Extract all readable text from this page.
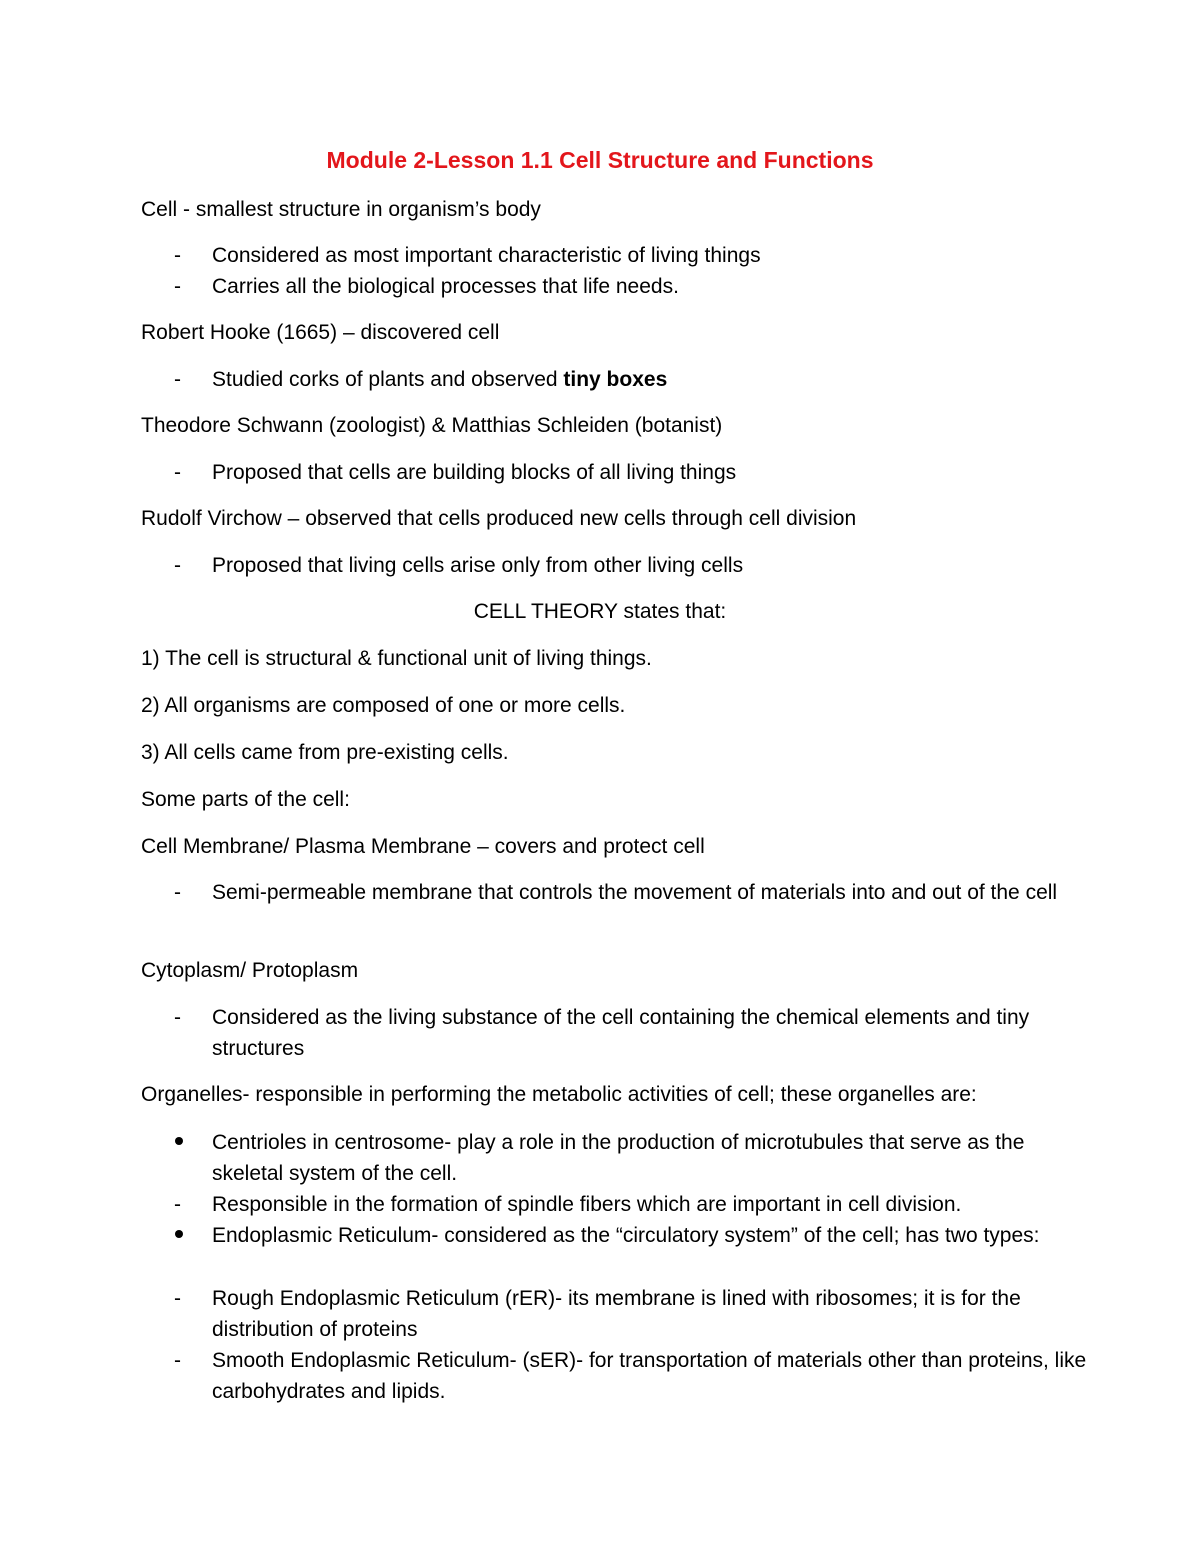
Module 2-Lesson 1.1 Cell Structure and Functions
Cell - smallest structure in organism’s body
- Considered as most important characteristic of living things
- Carries all the biological processes that life needs.
Robert Hooke (1665) – discovered cell
- Studied corks of plants and observed tiny boxes
Theodore Schwann (zoologist) & Matthias Schleiden (botanist)
- Proposed that cells are building blocks of all living things
Rudolf Virchow – observed that cells produced new cells through cell division
- Proposed that living cells arise only from other living cells
CELL THEORY states that:
1) The cell is structural & functional unit of living things.
2) All organisms are composed of one or more cells.
3) All cells came from pre-existing cells.
Some parts of the cell:
Cell Membrane/ Plasma Membrane – covers and protect cell
- Semi-permeable membrane that controls the movement of materials into and out of the cell
Cytoplasm/ Protoplasm
- Considered as the living substance of the cell containing the chemical elements and tiny structures
Organelles- responsible in performing the metabolic activities of cell; these organelles are:
Centrioles in centrosome- play a role in the production of microtubules that serve as the skeletal system of the cell.
- Responsible in the formation of spindle fibers which are important in cell division.
Endoplasmic Reticulum- considered as the “circulatory system” of the cell; has two types:
- Rough Endoplasmic Reticulum (rER)- its membrane is lined with ribosomes; it is for the distribution of proteins
- Smooth Endoplasmic Reticulum- (sER)- for transportation of materials other than proteins, like carbohydrates and lipids.
